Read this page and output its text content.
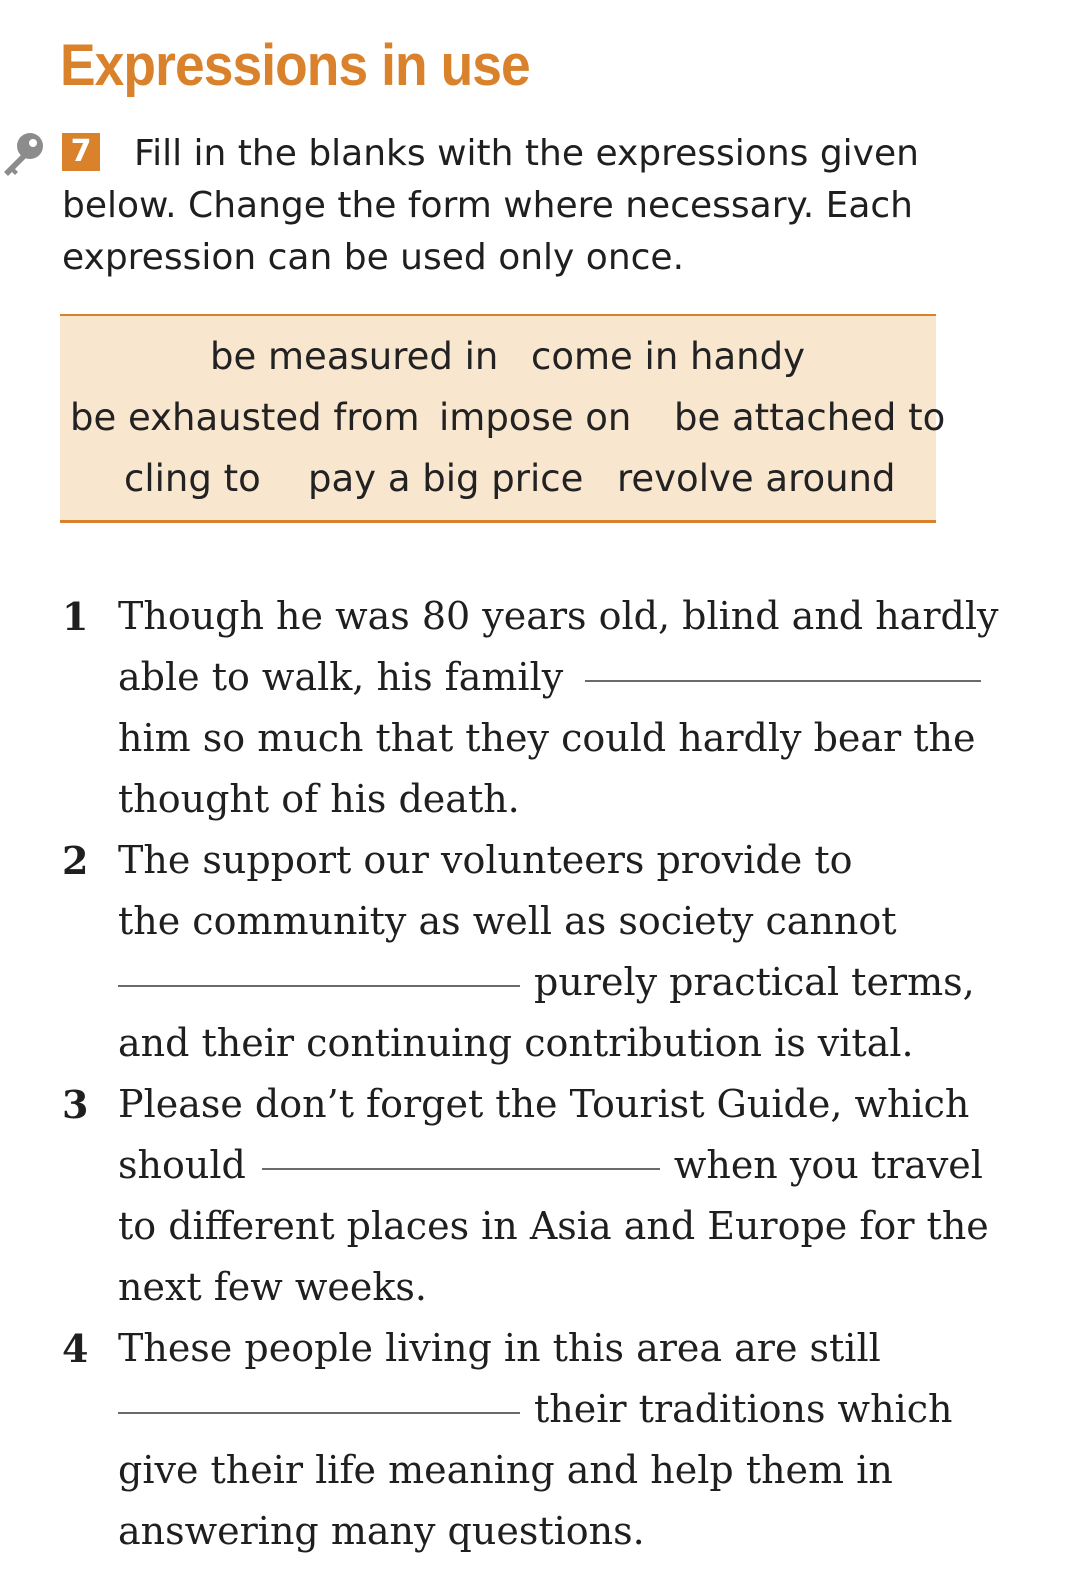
Expressions in use
7 Fill in the blanks with the expressions given
below. Change the form where necessary. Each
expression can be used only once.
be measured in come in handy
be exhausted from impose on be attached to
cling to pay a big price revolve around
1 Though he was 80 years old, blind and hardly
able to walk, his family
him so much that they could hardly bear the
thought of his death.
2 The support our volunteers provide to
the community as well as society cannot
purely practical terms,
and their continuing contribution is vital.
3 Please don’t forget the Tourist Guide, which
should	when you travel
to different places in Asia and Europe for the
next few weeks.
4 These people living in this area are still
their traditions which
give their life meaning and help them in
answering many questions.
